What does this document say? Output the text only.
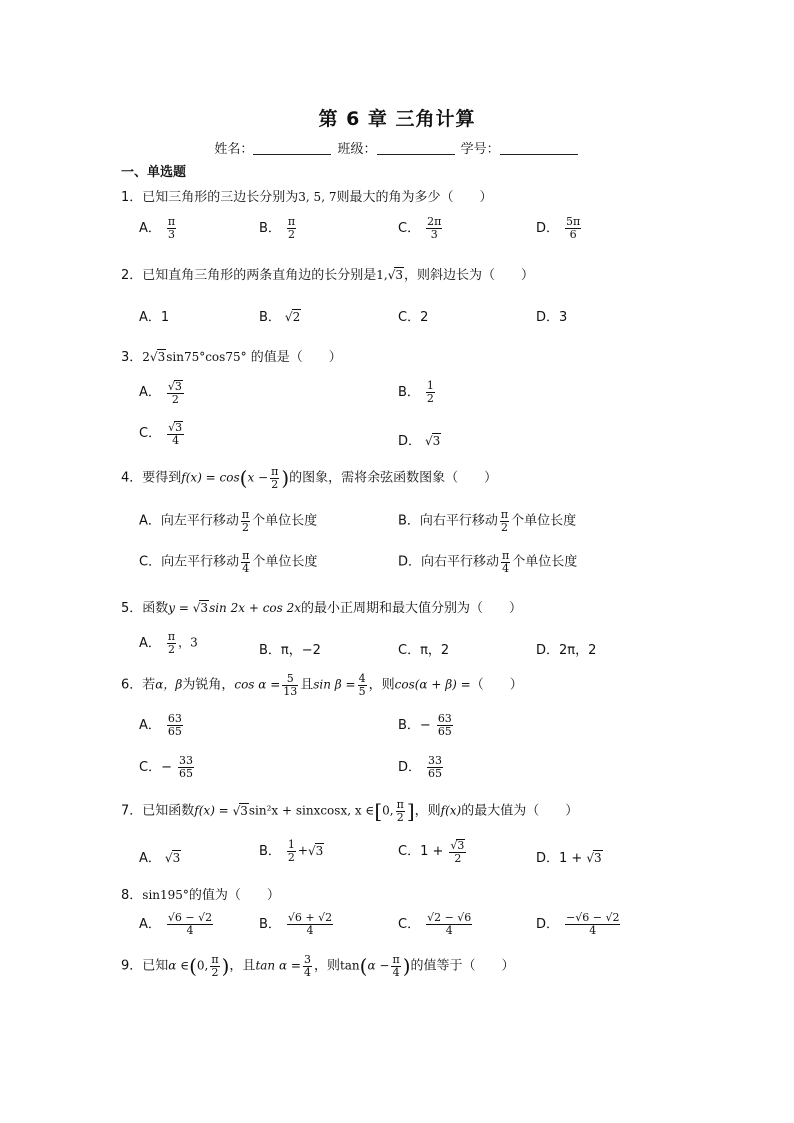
第 6 章 三角计算
姓名：	班级：	学号：
一、单选题
1．已知三角形的三边长分别为3, 5, 7则最大的角为多少（　　）
A． $\frac{\pi}{3}$	B． $\frac{\pi}{2}$	C． $\frac{2\pi}{3}$	D． $\frac{5\pi}{6}$
2．已知直角三角形的两条直角边的长分别是1,√3，则斜边长为（　　）
A．1	B． √2	C．2	D．3
3．2√3sin75°cos75° 的值是（　　）
A． $\frac{√3}{2}$	B． $\frac{1}{2}$
C． $\frac{√3}{4}$	D． √3
4．要得到$f(x) = \cos(x - \frac{\pi}{2}$ )的图象，需将余弦函数图象（　　）
A．向左平行移动 $\frac{\pi}{2}$ 个单位长度	B．向右平行移动 $\frac{\pi}{2}$ 个单位长度
C．向左平行移动 $\frac{\pi}{4}$ 个单位长度	D．向右平行移动 $\frac{\pi}{4}$ 个单位长度
5．函数y = √3sin 2x + cos 2x的最小正周期和最大值分别为（　　）
A． $\frac{\pi}{2}$ ，3
B．π，−2	C．π，2	D．2π，2
6．若α，β为锐角，$\cos \alpha = \frac{5}{13}$ 且$\sin \beta = \frac{4}{5}$ ，则cos(α + β) =（　　）
A． $\frac{63}{65}$	B．− $\frac{63}{65}$
C．− $\frac{33}{65}$	D． $\frac{33}{65}$
7．已知函数f(x) = √3sin²x + sinxcosx, x ∈[0, $\frac{\pi}{2}$ ]，则f(x)的最大值为（　　）
A． √3	B． $\frac{1}{2} +√3$	C．$1 + \frac{√3}{2}$	D．1 + √3
8．sin195°的值为（　　）
A． $\frac{√6 - √2}{4}$	B． $\frac{√6 + √2}{4}$	C． $\frac{√2 - √6}{4}$	D． $\frac{-√6 - √2}{4}$
9．已知α ∈(0, $\frac{\pi}{2}$ )，且$\tan \alpha = \frac{3}{4}$ ，则$\tan(\alpha - \frac{\pi}{4}$ )的值等于（　　）
